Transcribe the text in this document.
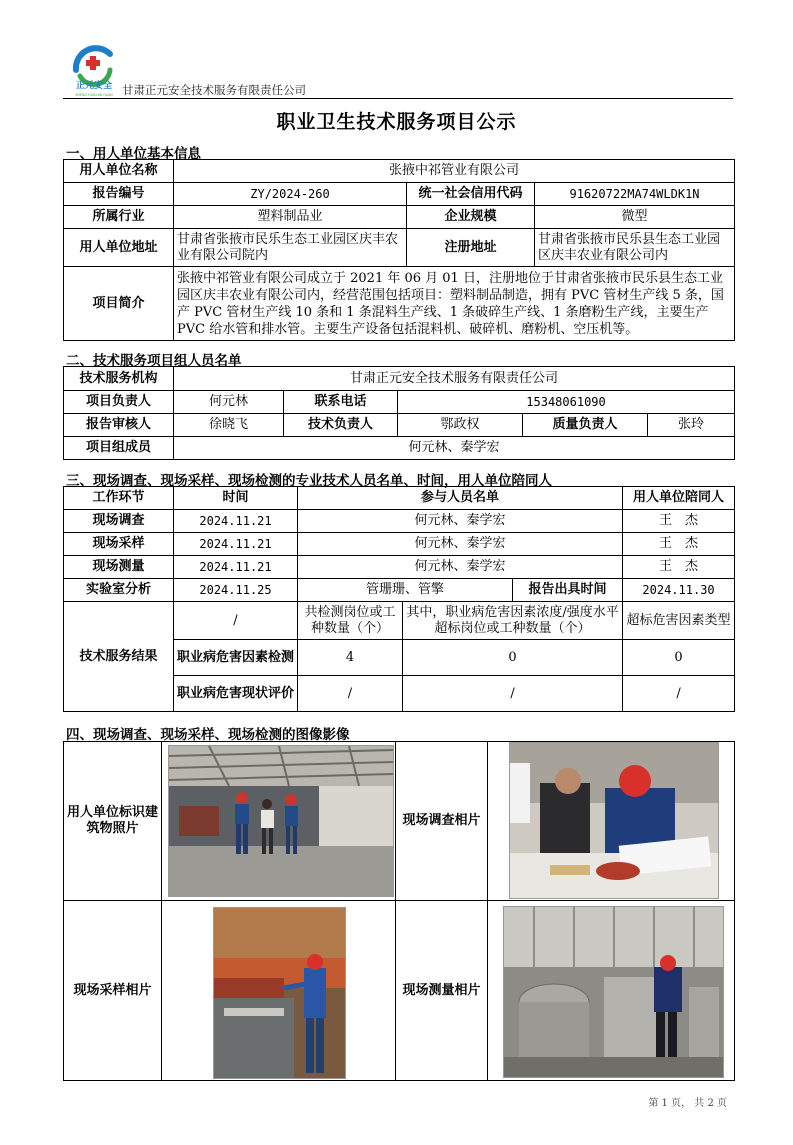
正元安全
ZHENG YUAN AN QUAN 甘肃正元安全技术服务有限责任公司
职业卫生技术服务项目公示
一、用人单位基本信息
用人单位名称	张掖中祁管业有限公司		
报告编号	ZY/2024-260	统一社会信用代码	91620722MA74WLDK1N
所属行业	塑料制品业	企业规模	微型
用人单位地址	甘肃省张掖市民乐生态工业园区庆丰农业有限公司院内	注册地址	甘肃省张掖市民乐县生态工业园区庆丰农业有限公司内
项目简介	张掖中祁管业有限公司成立于 2021 年 06 月 01 日，注册地位于甘肃省张掖市民乐县生态工业园区庆丰农业有限公司内，经营范围包括项目：塑料制品制造，拥有 PVC 管材生产线 5 条，国产 PVC 管材生产线 10 条和 1 条混料生产线、1 条破碎生产线、1 条磨粉生产线，主要生产 PVC 给水管和排水管。主要生产设备包括混料机、破碎机、磨粉机、空压机等。		
二、技术服务项目组人员名单
技术服务机构	甘肃正元安全技术服务有限责任公司				
项目负责人	何元林	联系电话	15348061090		
报告审核人	徐晓飞	技术负责人	鄂政权	质量负责人	张玲
项目组成员	何元林、秦学宏				
三、现场调查、现场采样、现场检测的专业技术人员名单、时间，用人单位陪同人
工作环节	时间	参与人员名单			用人单位陪同人
现场调查	2024.11.21	何元林、秦学宏			王　杰
现场采样	2024.11.21	何元林、秦学宏			王　杰
现场测量	2024.11.21	何元林、秦学宏			王　杰
实验室分析	2024.11.25	管珊珊、管擎		报告出具时间	2024.11.30
技术服务结果	/	共检测岗位或工种数量（个）	其中，职业病危害因素浓度/强度水平超标岗位或工种数量（个）		超标危害因素类型
	职业病危害因素检测	4	0		0
	职业病危害现状评价	/	/		/
四、现场调查、现场采样、现场检测的图像影像
用人单位标识建筑物照片		现场调查相片	
现场采样相片		现场测量相片	
第 1 页， 共 2 页
